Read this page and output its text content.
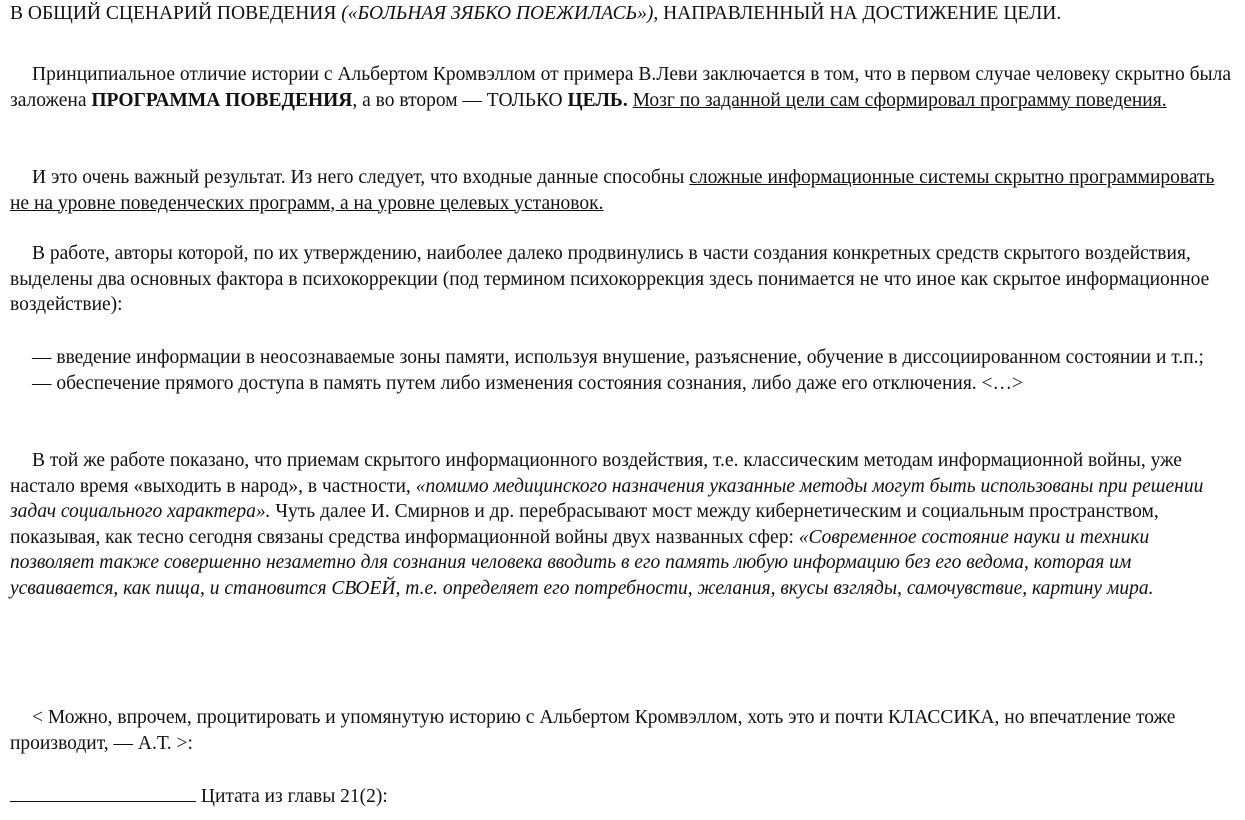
В ОБЩИЙ СЦЕНАРИЙ ПОВЕДЕНИЯ («БОЛЬНАЯ ЗЯБКО ПОЕЖИЛАСЬ»), НАПРАВЛЕННЫЙ НА ДОСТИЖЕНИЕ ЦЕЛИ.

Принципиальное отличие истории с Альбертом Кромвэллом от примера В.Леви заключается в том, что в первом случае человеку скрытно была заложена ПРОГРАММА ПОВЕДЕНИЯ, а во втором — ТОЛЬКО ЦЕЛЬ. Мозг по заданной цели сам сформировал программу поведения.

И это очень важный результат. Из него следует, что входные данные способны сложные информационные системы скрытно программировать не на уровне поведенческих программ, а на уровне целевых установок.

В работе, авторы которой, по их утверждению, наиболее далеко продвинулись в части создания конкретных средств скрытого воздействия, выделены два основных фактора в психокоррекции (под термином психокоррекция здесь понимается не что иное как скрытое информационное воздействие):

— введение информации в неосознаваемые зоны памяти, используя внушение, разъяснение, обучение в диссоциированном состоянии и т.п.;

— обеспечение прямого доступа в память путем либо изменения состояния сознания, либо даже его отключения. <…>

В той же работе показано, что приемам скрытого информационного воздействия, т.е. классическим методам информационной войны, уже настало время «выходить в народ», в частности, «помимо медицинского назначения указанные методы могут быть использованы при решении задач социального характера». Чуть далее И. Смирнов и др. перебрасывают мост между кибернетическим и социальным пространством, показывая, как тесно сегодня связаны средства информационной войны двух названных сфер: «Современное состояние науки и техники позволяет также совершенно незаметно для сознания человека вводить в его память любую информацию без его ведома, которая им усваивается, как пища, и становится СВОЕЙ, т.е. определяет его потребности, желания, вкусы взгляды, самочувствие, картину мира.

< Можно, впрочем, процитировать и упомянутую историю с Альбертом Кромвэллом, хоть это и почти КЛАССИКА, но впечатление тоже производит, — А.Т. >:

Цитата из главы 21(2):
